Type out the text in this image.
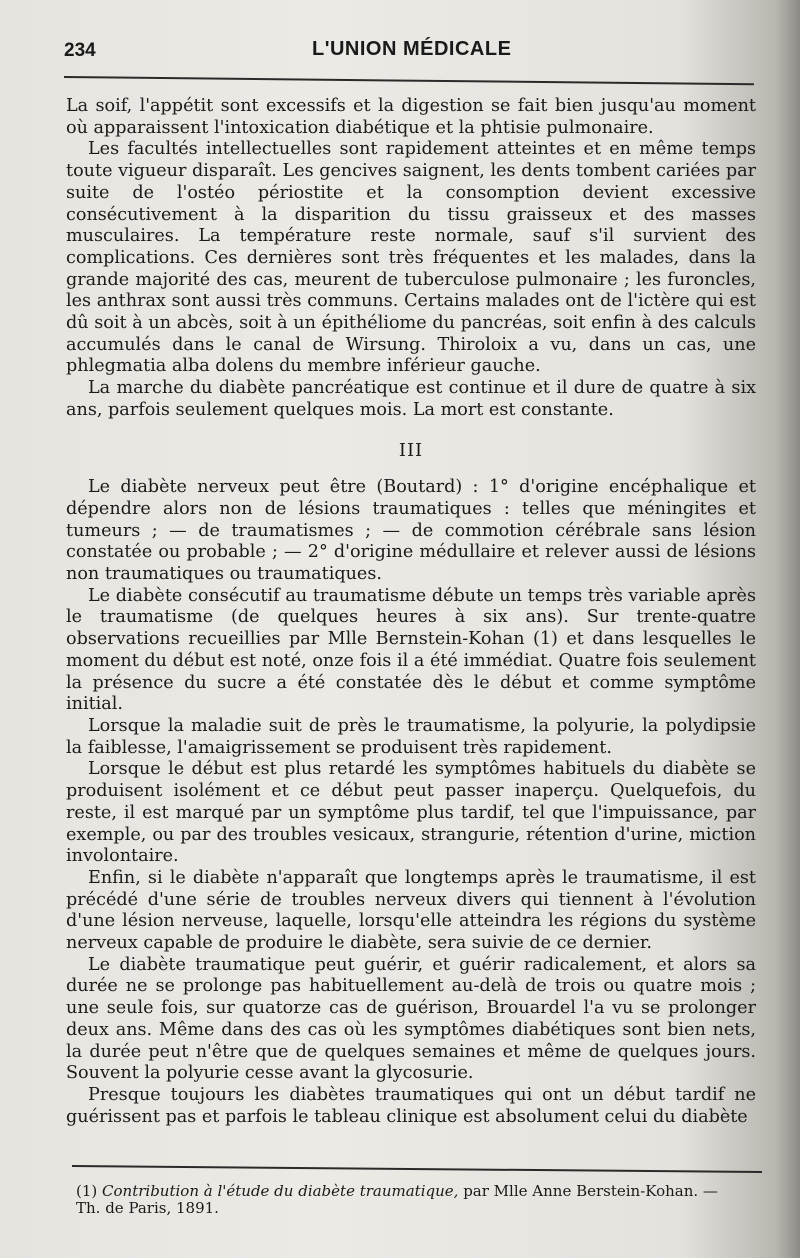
234	L'UNION MÉDICALE

La soif, l'appétit sont excessifs et la digestion se fait bien jusqu'au moment où apparaissent l'intoxication diabétique et la phtisie pulmonaire.

Les facultés intellectuelles sont rapidement atteintes et en même temps toute vigueur disparaît. Les gencives saignent, les dents tombent cariées par suite de l'ostéo périostite et la consomption devient excessive consécutivement à la disparition du tissu graisseux et des masses musculaires. La température reste normale, sauf s'il survient des complications. Ces dernières sont très fréquentes et les malades, dans la grande majorité des cas, meurent de tuberculose pulmonaire ; les furoncles, les anthrax sont aussi très communs. Certains malades ont de l'ictère qui est dû soit à un abcès, soit à un épithéliome du pancréas, soit enfin à des calculs accumulés dans le canal de Wirsung. Thiroloix a vu, dans un cas, une phlegmatia alba dolens du membre inférieur gauche.

La marche du diabète pancréatique est continue et il dure de quatre à six ans, parfois seulement quelques mois. La mort est constante.

III

Le diabète nerveux peut être (Boutard) : 1° d'origine encéphalique et dépendre alors non de lésions traumatiques : telles que méningites et tumeurs ; — de traumatismes ; — de commotion cérébrale sans lésion constatée ou probable ; — 2° d'origine médullaire et relever aussi de lésions non traumatiques ou traumatiques.

Le diabète consécutif au traumatisme débute un temps très variable après le traumatisme (de quelques heures à six ans). Sur trente-quatre observations recueillies par Mlle Bernstein-Kohan (1) et dans lesquelles le moment du début est noté, onze fois il a été immédiat. Quatre fois seulement la présence du sucre a été constatée dès le début et comme symptôme initial.

Lorsque la maladie suit de près le traumatisme, la polyurie, la polydipsie la faiblesse, l'amaigrissement se produisent très rapidement.

Lorsque le début est plus retardé les symptômes habituels du diabète se produisent isolément et ce début peut passer inaperçu. Quelquefois, du reste, il est marqué par un symptôme plus tardif, tel que l'impuissance, par exemple, ou par des troubles vesicaux, strangurie, rétention d'urine, miction involontaire.

Enfin, si le diabète n'apparaît que longtemps après le traumatisme, il est précédé d'une série de troubles nerveux divers qui tiennent à l'évolution d'une lésion nerveuse, laquelle, lorsqu'elle atteindra les régions du système nerveux capable de produire le diabète, sera suivie de ce dernier.

Le diabète traumatique peut guérir, et guérir radicalement, et alors sa durée ne se prolonge pas habituellement au-delà de trois ou quatre mois ; une seule fois, sur quatorze cas de guérison, Brouardel l'a vu se prolonger deux ans. Même dans des cas où les symptômes diabétiques sont bien nets, la durée peut n'être que de quelques semaines et même de quelques jours. Souvent la polyurie cesse avant la glycosurie.

Presque toujours les diabètes traumatiques qui ont un début tardif ne guérissent pas et parfois le tableau clinique est absolument celui du diabète

(1) Contribution à l'étude du diabète traumatique, par Mlle Anne Berstein-Kohan. —
Th. de Paris, 1891.
